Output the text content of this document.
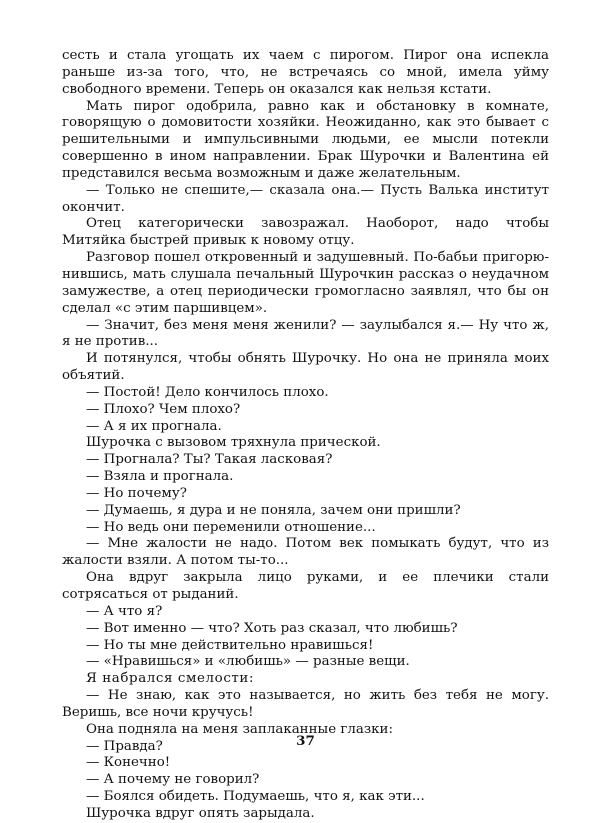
сесть и стала угощать их чаем с пирогом. Пирог она испекла раньше из-за того, что, не встречаясь со мной, имела уйму свободного времени. Теперь он оказался как нельзя кстати.

Мать пирог одобрила, равно как и обстановку в комнате, говорящую о домовитости хозяйки. Неожиданно, как это бывает с решительными и импульсивными людьми, ее мысли потекли совершенно в ином направлении. Брак Шурочки и Валентина ей представился весьма возможным и даже желательным.

— Только не спешите,— сказала она.— Пусть Валька институт окончит.

Отец категорически завозражал. Наоборот, надо чтобы Митяйка быстрей привык к новому отцу.

Разговор пошел откровенный и задушевный. По-бабьи пригорю-нившись, мать слушала печальный Шурочкин рассказ о неудачном замужестве, а отец периодически громогласно заявлял, что бы он сделал «с этим паршивцем».

— Значит, без меня меня женили? — заулыбался я.— Ну что ж, я не против...

И потянулся, чтобы обнять Шурочку. Но она не приняла моих объятий.

— Постой! Дело кончилось плохо.

— Плохо? Чем плохо?

— А я их прогнала.

Шурочка с вызовом тряхнула прической.

— Прогнала? Ты? Такая ласковая?

— Взяла и прогнала.

— Но почему?

— Думаешь, я дура и не поняла, зачем они пришли?

— Но ведь они переменили отношение...

— Мне жалости не надо. Потом век помыкать будут, что из жалости взяли. А потом ты-то...

Она вдруг закрыла лицо руками, и ее плечики стали сотрясаться от рыданий.

— А что я?

— Вот именно — что? Хоть раз сказал, что любишь?

— Но ты мне действительно нравишься!

— «Нравишься» и «любишь» — разные вещи.

Я набрался смелости:

— Не знаю, как это называется, но жить без тебя не могу. Веришь, все ночи кручусь!

Она подняла на меня заплаканные глазки:

— Правда?

— Конечно!

— А почему не говорил?

— Боялся обидеть. Подумаешь, что я, как эти...

Шурочка вдруг опять зарыдала.

37
